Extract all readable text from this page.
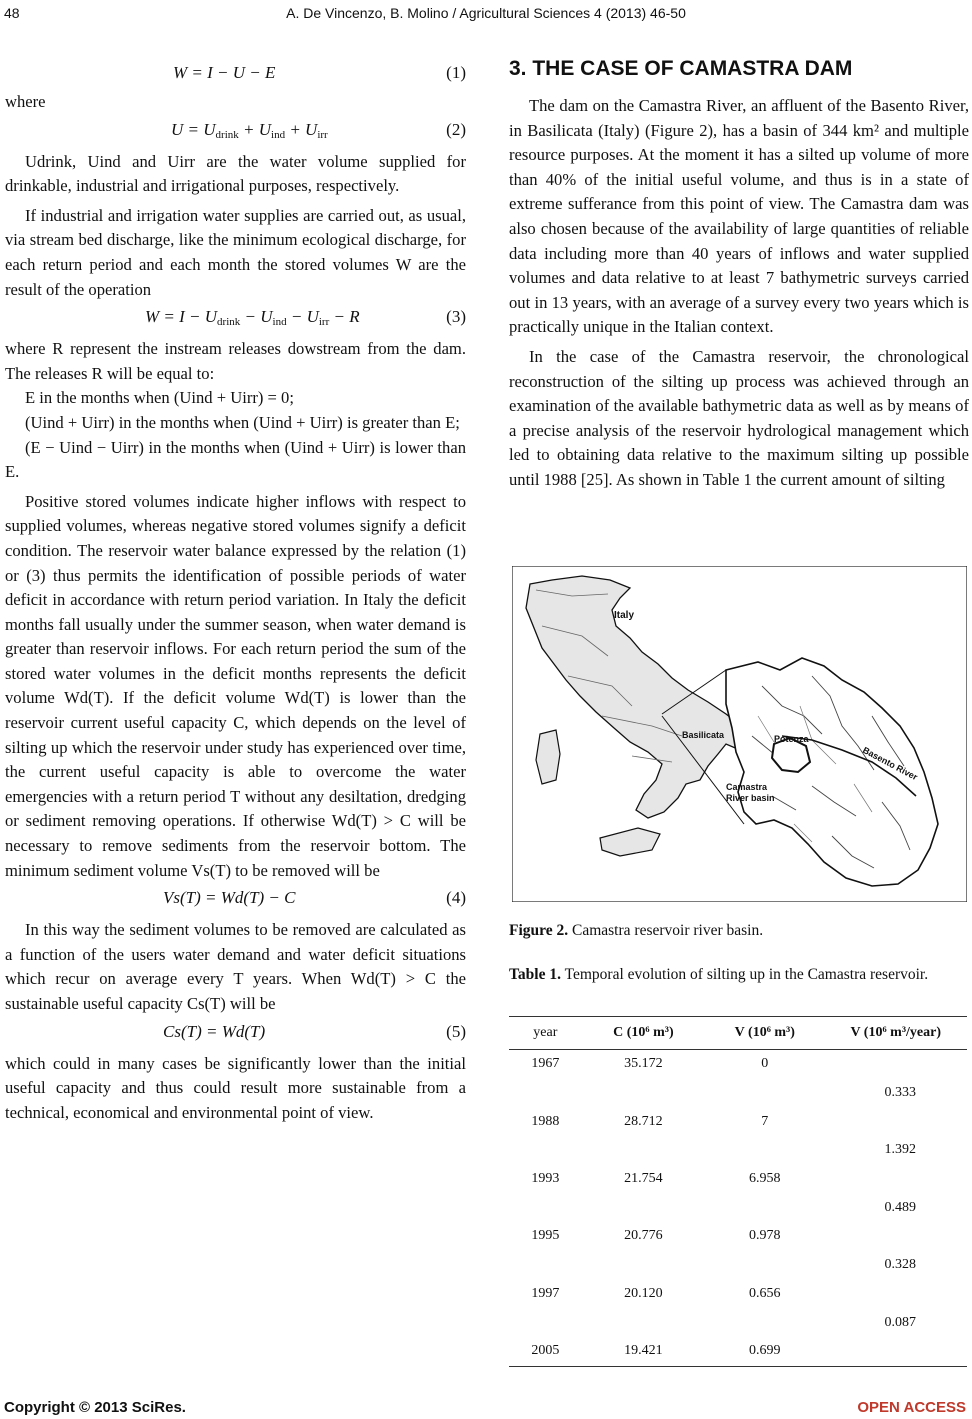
48	A. De Vincenzo, B. Molino / Agricultural Sciences 4 (2013) 46-50
W = I − U − E	(1)

where

$U = U_{drink} + U_{ind} + U_{irr}$	(2)

Udrink, Uind and Uirr are the water volume supplied for drinkable, industrial and irrigational purposes, respectively.

If industrial and irrigation water supplies are carried out, as usual, via stream bed discharge, like the minimum ecological discharge, for each return period and each month the stored volumes W are the result of the operation

$W = I - U_{drink} - U_{ind} - U_{irr} - R$	(3)

where R represent the instream releases dowstream from the dam. The releases R will be equal to:

E in the months when (Uind + Uirr) = 0;

(Uind + Uirr) in the months when (Uind + Uirr) is greater than E;

(E − Uind − Uirr) in the months when (Uind + Uirr) is lower than E.

Positive stored volumes indicate higher inflows with respect to supplied volumes, whereas negative stored volumes signify a deficit condition. The reservoir water balance expressed by the relation (1) or (3) thus permits the identification of possible periods of water deficit in accordance with return period variation. In Italy the deficit months fall usually under the summer season, when water demand is greater than reservoir inflows. For each return period the sum of the stored water volumes in the deficit months represents the deficit volume Wd(T). If the deficit volume Wd(T) is lower than the reservoir current useful capacity C, which depends on the level of silting up which the reservoir under study has experienced over time, the current useful capacity is able to overcome the water emergencies with a return period T without any desiltation, dredging or sediment removing operations. If otherwise Wd(T) > C will be necessary to remove sediments from the reservoir bottom. The minimum sediment volume Vs(T) to be removed will be

Vs(T) = Wd(T) − C	(4)

In this way the sediment volumes to be removed are calculated as a function of the users water demand and water deficit situations which recur on average every T years. When Wd(T) > C the sustainable useful capacity Cs(T) will be

Cs(T) = Wd(T)	(5)

which could in many cases be significantly lower than the initial useful capacity and thus could result more sustainable from a technical, economical and environmental point of view.

3. THE CASE OF CAMASTRA DAM

The dam on the Camastra River, an affluent of the Basento River, in Basilicata (Italy) (Figure 2), has a basin of 344 km² and multiple resource purposes. At the moment it has a silted up volume of more than 40% of the initial useful volume, and thus is in a state of extreme sufferance from this point of view. The Camastra dam was also chosen because of the availability of large quantities of reliable data including more than 40 years of inflows and water supplied volumes and data relative to at least 7 bathymetric surveys carried out in 13 years, with an average of a survey every two years which is practically unique in the Italian context.

In the case of the Camastra reservoir, the chronological reconstruction of the silting up process was achieved through an examination of the available bathymetric data as well as by means of a precise analysis of the reservoir hydrological management which led to obtaining data relative to the maximum silting up possible until 1988 [25]. As shown in Table 1 the current amount of silting

Italy
Basilicata	Potenza
Basento River
Camastra
River basin
Figure 2. Camastra reservoir river basin.
Table 1. Temporal evolution of silting up in the Camastra reservoir.
year	C (10⁶ m³)	V (10⁶ m³)	V (10⁶ m³/year)
1967	35.172	0	
			0.333
1988	28.712	7	
			1.392
1993	21.754	6.958	
			0.489
1995	20.776	0.978	
			0.328
1997	20.120	0.656	
			0.087
2005	19.421	0.699	
Copyright © 2013 SciRes.	OPEN ACCESS
